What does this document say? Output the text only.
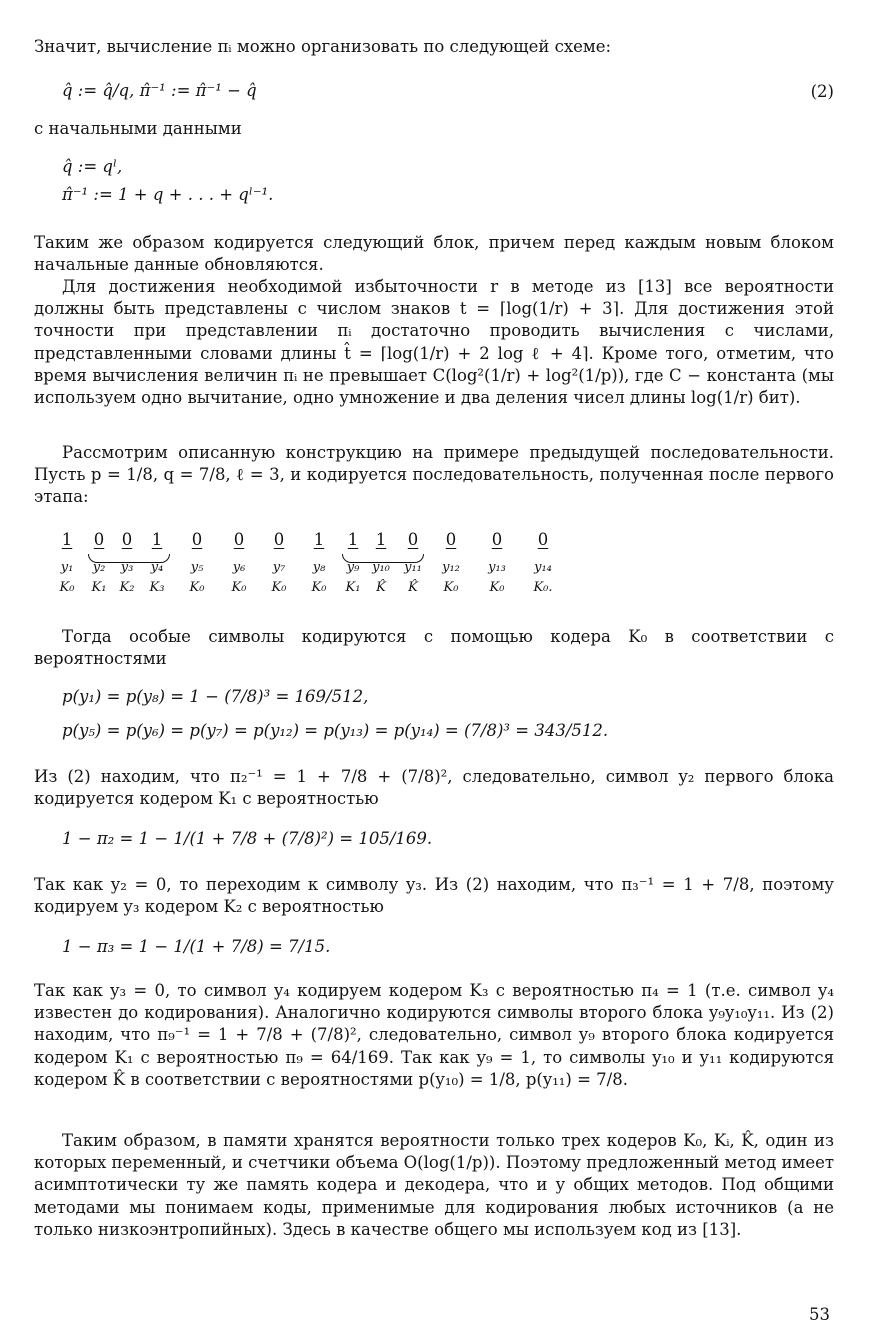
Значит, вычисление πᵢ можно организовать по следующей схеме:

q̂ := q̂/q, π̂⁻¹ := π̂⁻¹ − q̂	(2)

с начальными данными

q̂ := qˡ,

π̂⁻¹ := 1 + q + . . . + qˡ⁻¹.

Таким же образом кодируется следующий блок, причем перед каждым новым блоком начальные данные обновляются.

Для достижения необходимой избыточности r в методе из [13] все вероятности должны быть представлены с числом знаков t = ⌈log(1/r) + 3⌉. Для достижения этой точности при представлении πᵢ достаточно проводить вычисления с числами, представленными словами длины t̂ = ⌈log(1/r) + 2 log ℓ + 4⌉. Кроме того, отметим, что время вычисления величин πᵢ не превышает C(log²(1/r) + log²(1/p)), где C − константа (мы используем одно вычитание, одно умножение и два деления чисел длины log(1/r) бит).

Рассмотрим описанную конструкцию на примере предыдущей последовательности. Пусть p = 1/8, q = 7/8, ℓ = 3, и кодируется последовательность, полученная после первого этапа:

1	0	0	1	0	0	0	1	1	1	0	0	0	0
y₁	y₂	y₃	y₄	y₅	y₆	y₇	y₈	y₉ y₁₀ y₁₁ y₁₂ y₁₃ y₁₄
K₀ K₁ K₂ K₃ K₀ K₀ K₀ K₀ K₁	K̂	K̂	K₀ K₀ K₀.

Тогда особые символы кодируются с помощью кодера K₀ в соответствии с вероятностями

p(y₁) = p(y₈) = 1 − (7/8)³ = 169/512,

p(y₅) = p(y₆) = p(y₇) = p(y₁₂) = p(y₁₃) = p(y₁₄) = (7/8)³ = 343/512.

Из (2) находим, что π₂⁻¹ = 1 + 7/8 + (7/8)², следовательно, символ y₂ первого блока кодируется кодером K₁ с вероятностью

1 − π₂ = 1 − 1/(1 + 7/8 + (7/8)²) = 105/169.

Так как y₂ = 0, то переходим к символу y₃. Из (2) находим, что π₃⁻¹ = 1 + 7/8, поэтому кодируем y₃ кодером K₂ с вероятностью

1 − π₃ = 1 − 1/(1 + 7/8) = 7/15.

Так как y₃ = 0, то символ y₄ кодируем кодером K₃ с вероятностью π₄ = 1 (т.е. символ y₄ известен до кодирования). Аналогично кодируются символы второго блока y₉y₁₀y₁₁. Из (2) находим, что π₉⁻¹ = 1 + 7/8 + (7/8)², следовательно, символ y₉ второго блока кодируется кодером K₁ с вероятностью π₉ = 64/169. Так как y₉ = 1, то символы y₁₀ и y₁₁ кодируются кодером K̂ в соответствии с вероятностями p(y₁₀) = 1/8, p(y₁₁) = 7/8.

Таким образом, в памяти хранятся вероятности только трех кодеров K₀, Kᵢ, K̂, один из которых переменный, и счетчики объема O(log(1/p)). Поэтому предложенный метод имеет асимптотически ту же память кодера и декодера, что и у общих методов. Под общими методами мы понимаем коды, применимые для кодирования любых источников (а не только низкоэнтропийных). Здесь в качестве общего мы используем код из [13].

53
